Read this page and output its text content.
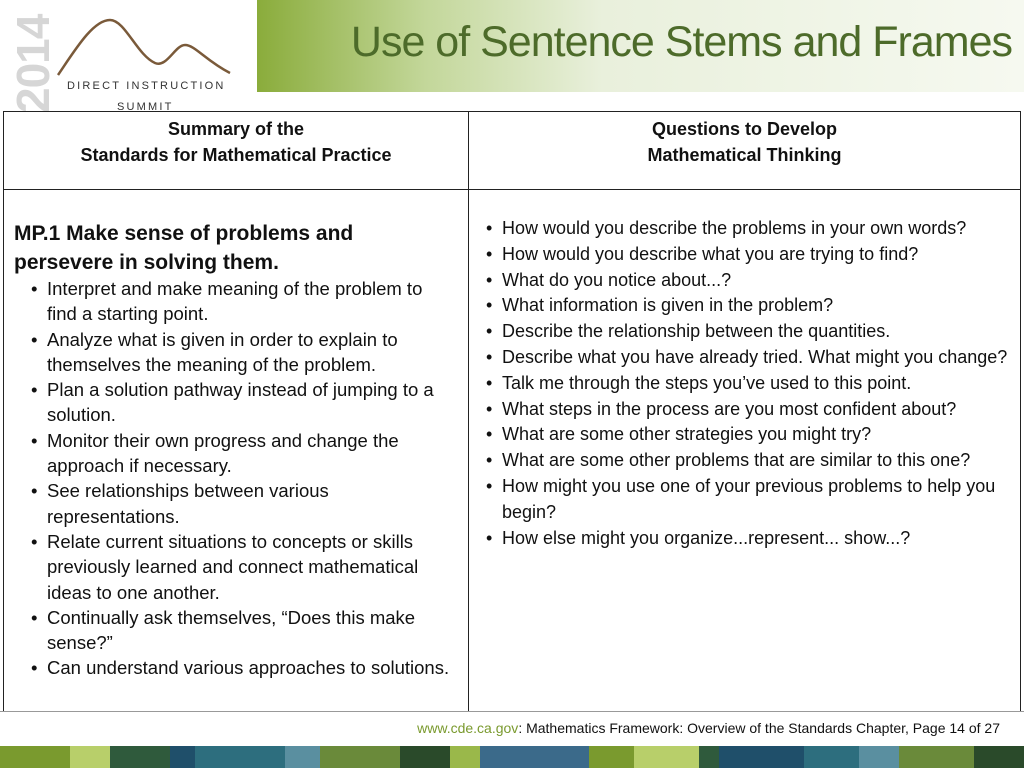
2014 DIRECT INSTRUCTION
SUMMIT
Use of Sentence Stems and Frames
Summary of the
Standards for Mathematical Practice
Questions to Develop
Mathematical Thinking
MP.1 Make sense of problems and persevere in solving them.
• Interpret and make meaning of the problem to find a starting point.
• Analyze what is given in order to explain to themselves the meaning of the problem.
• Plan a solution pathway instead of jumping to a solution.
• Monitor their own progress and change the approach if necessary.
• See relationships between various representations.
• Relate current situations to concepts or skills previously learned and connect mathematical ideas to one another.
• Continually ask themselves, “Does this make sense?”
• Can understand various approaches to solutions.
• How would you describe the problems in your own words?
• How would you describe what you are trying to find?
• What do you notice about...?
• What information is given in the problem?
• Describe the relationship between the quantities.
• Describe what you have already tried. What might you change?
• Talk me through the steps you’ve used to this point.
• What steps in the process are you most confident about?
• What are some other strategies you might try?
• What are some other problems that are similar to this one?
• How might you use one of your previous problems to help you begin?
• How else might you organize...represent... show...?
www.cde.ca.gov: Mathematics Framework: Overview of the Standards Chapter, Page 14 of 27
